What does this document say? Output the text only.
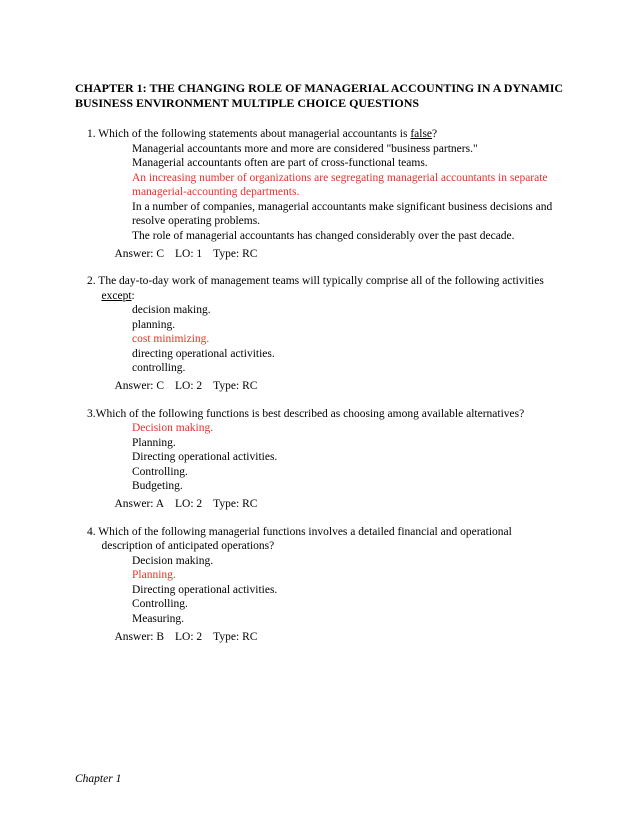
CHAPTER 1: THE CHANGING ROLE OF MANAGERIAL ACCOUNTING IN A DYNAMIC
BUSINESS ENVIRONMENT MULTIPLE CHOICE QUESTIONS
1. Which of the following statements about managerial accountants is false?
Managerial accountants more and more are considered "business partners."
Managerial accountants often are part of cross-functional teams.
An increasing number of organizations are segregating managerial accountants in separate
managerial-accounting departments.
In a number of companies, managerial accountants make significant business decisions and
resolve operating problems.
The role of managerial accountants has changed considerably over the past decade.
Answer: C LO: 1 Type: RC
2. The day-to-day work of management teams will typically comprise all of the following activities
except:
decision making.
planning.
cost minimizing.
directing operational activities.
controlling.
Answer: C LO: 2 Type: RC
3.Which of the following functions is best described as choosing among available alternatives?
Decision making.
Planning.
Directing operational activities.
Controlling.
Budgeting.
Answer: A LO: 2 Type: RC
4. Which of the following managerial functions involves a detailed financial and operational
description of anticipated operations?
Decision making.
Planning.
Directing operational activities.
Controlling.
Measuring.
Answer: B LO: 2 Type: RC
Chapter 1
